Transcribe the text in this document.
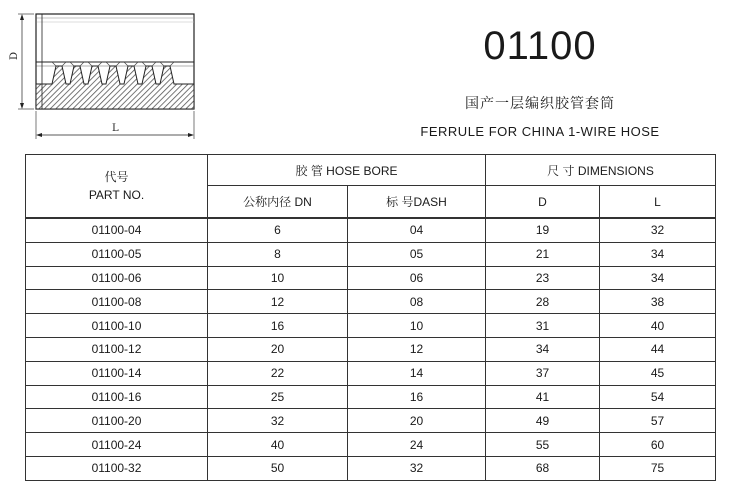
D
L
01100
国产一层编织胶管套筒
FERRULE FOR CHINA 1-WIRE HOSE
代号
PART NO.	胶 管 HOSE BORE		尺 寸 DIMENSIONS	
	公称内径 DN	标 号DASH	D	L
01100-04	6	04	19	32
01100-05	8	05	21	34
01100-06	10	06	23	34
01100-08	12	08	28	38
01100-10	16	10	31	40
01100-12	20	12	34	44
01100-14	22	14	37	45
01100-16	25	16	41	54
01100-20	32	20	49	57
01100-24	40	24	55	60
01100-32	50	32	68	75
